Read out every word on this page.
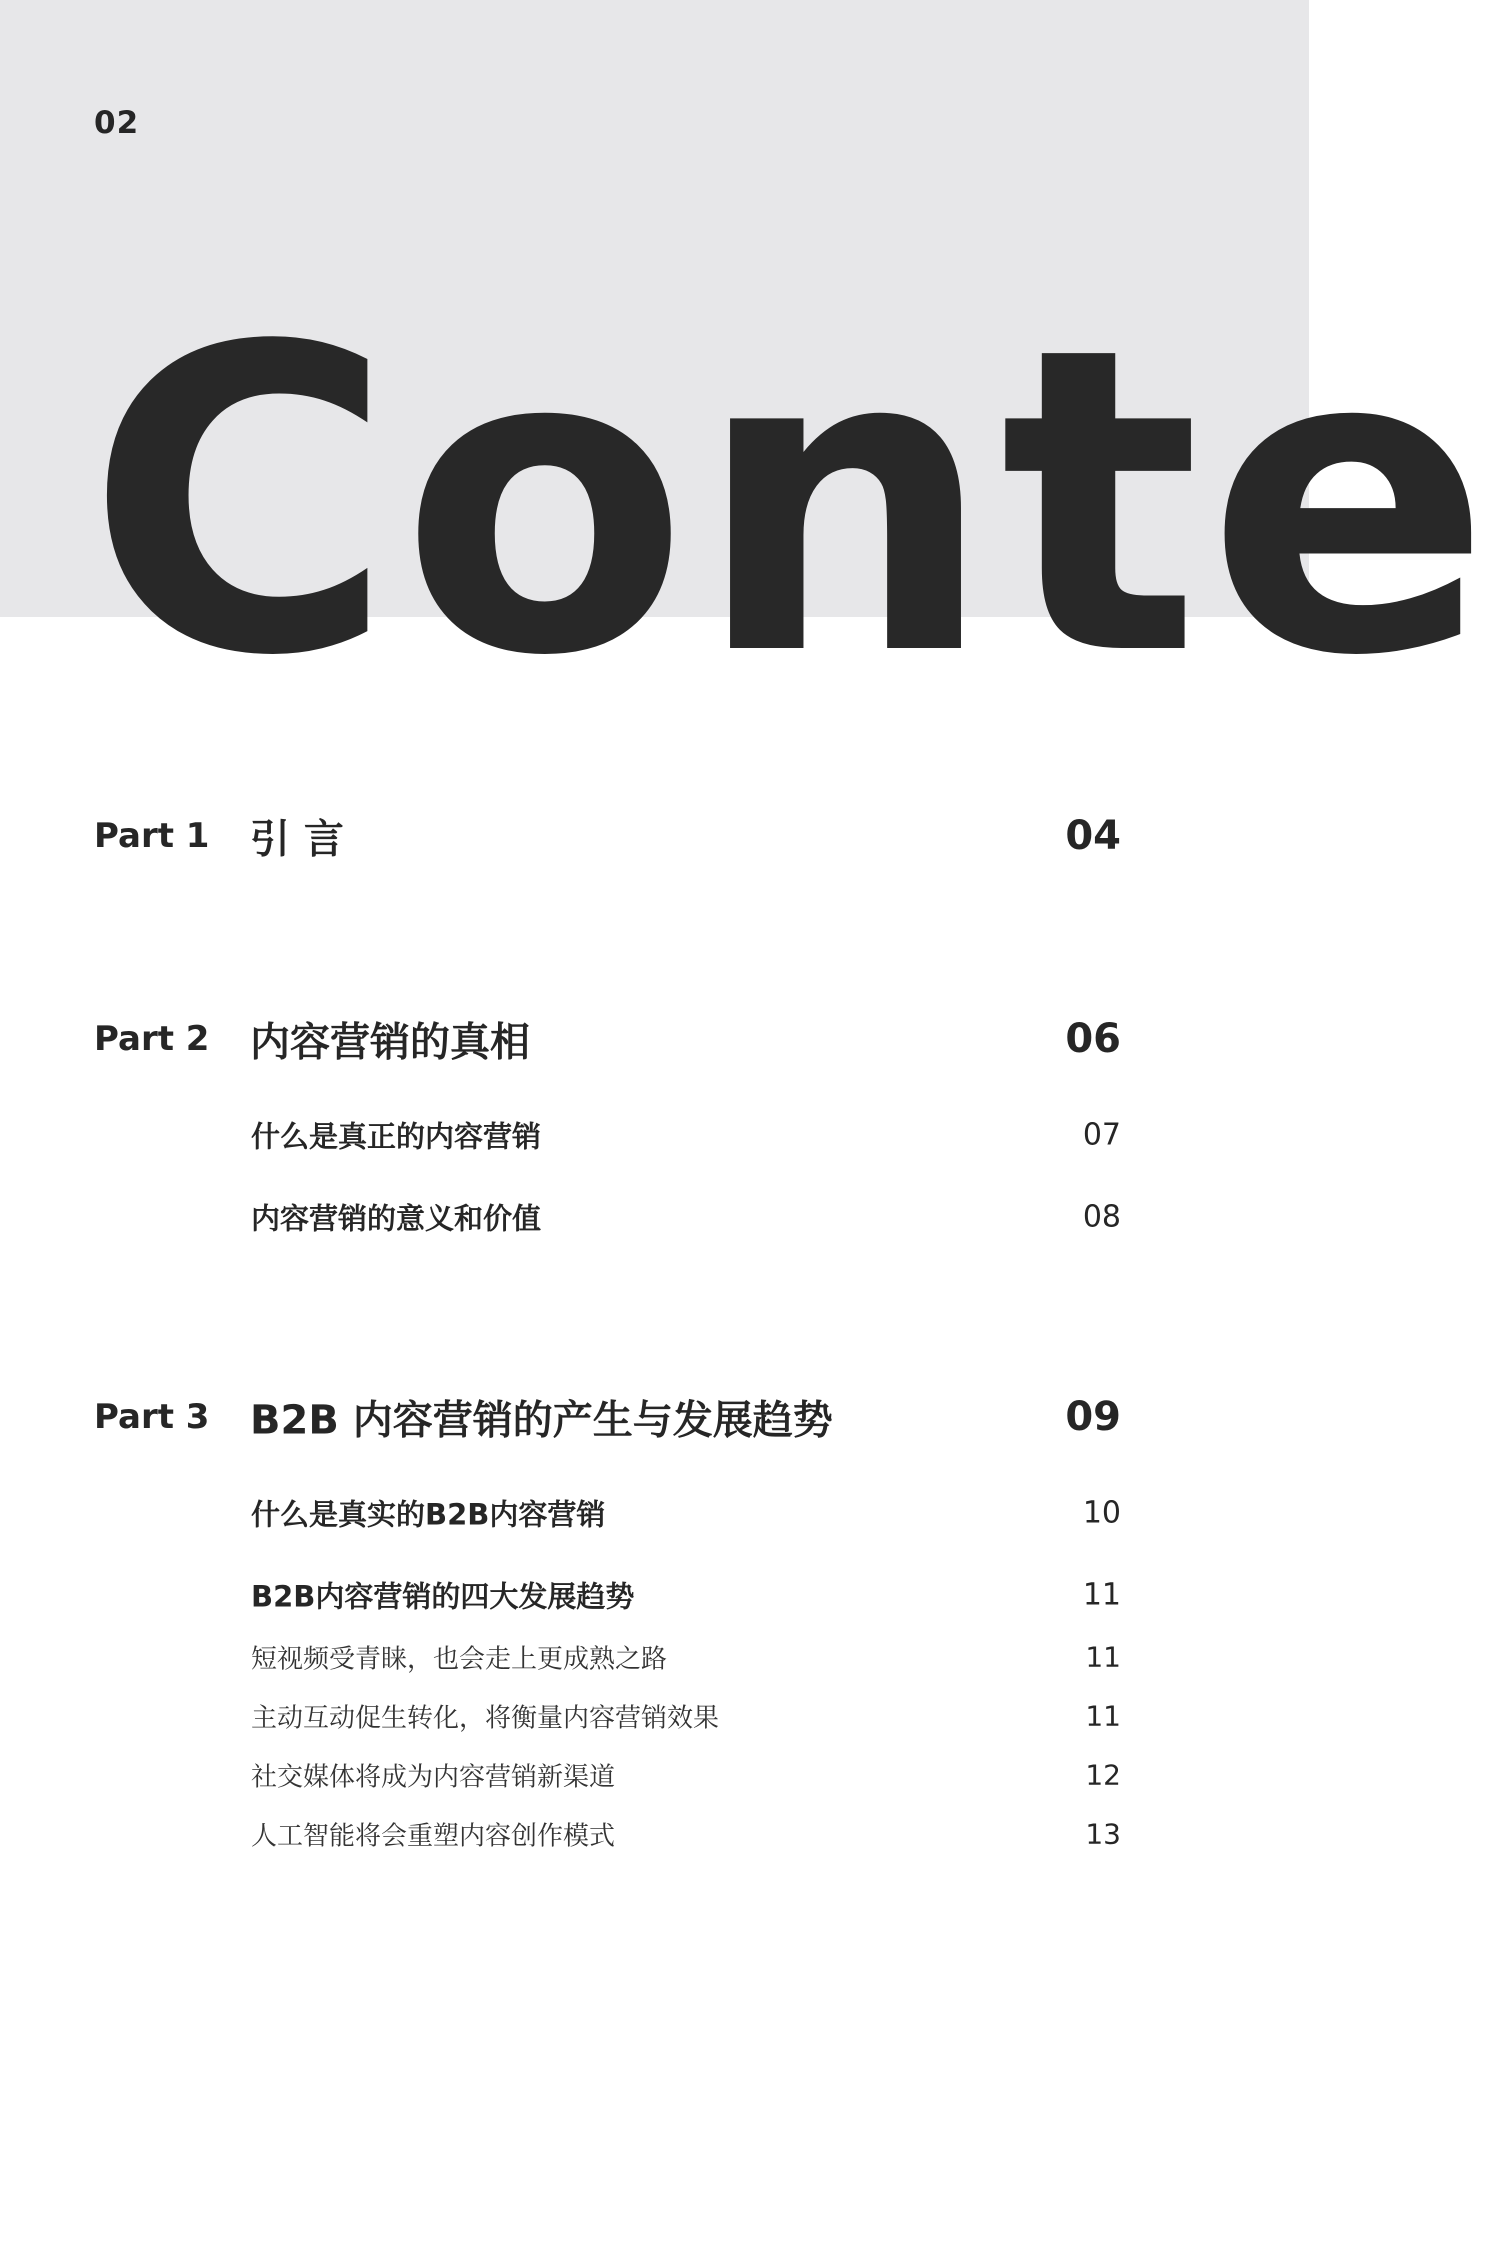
02
Conte
Part 1 引 言	04
Part 2 内容营销的真相	06
什么是真正的内容营销	07
内容营销的意义和价值	08
Part 3 B2B 内容营销的产生与发展趋势	09
什么是真实的B2B内容营销	10
B2B内容营销的四大发展趋势	11
短视频受青睐，也会走上更成熟之路	11
主动互动促生转化，将衡量内容营销效果	11
社交媒体将成为内容营销新渠道	12
人工智能将会重塑内容创作模式	13
